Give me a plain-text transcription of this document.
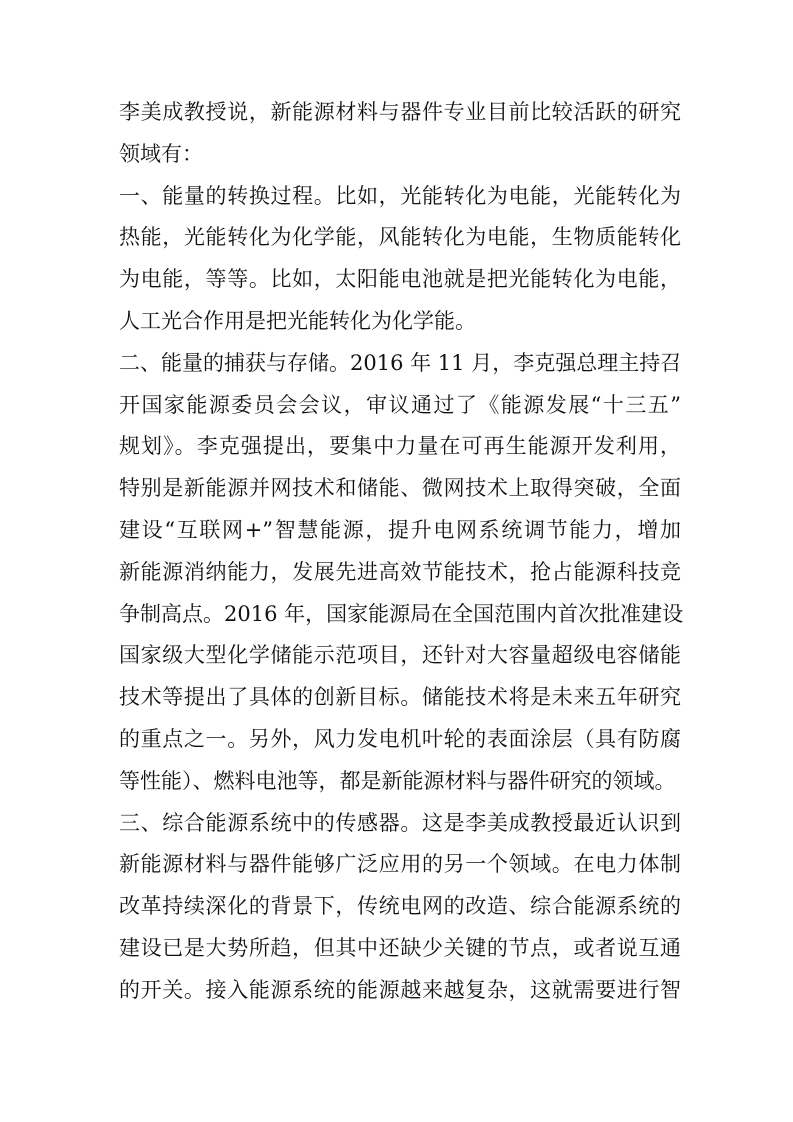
李美成教授说，新能源材料与器件专业目前比较活跃的研究
领域有：
一、能量的转换过程。比如，光能转化为电能，光能转化为
热能，光能转化为化学能，风能转化为电能，生物质能转化
为电能，等等。比如，太阳能电池就是把光能转化为电能，
人工光合作用是把光能转化为化学能。
二、能量的捕获与存储。2016 年 11 月，李克强总理主持召
开国家能源委员会会议，审议通过了《能源发展“十三五”
规划》。李克强提出，要集中力量在可再生能源开发利用，
特别是新能源并网技术和储能、微网技术上取得突破，全面
建设“互联网+”智慧能源，提升电网系统调节能力，增加
新能源消纳能力，发展先进高效节能技术，抢占能源科技竞
争制高点。2016 年，国家能源局在全国范围内首次批准建设
国家级大型化学储能示范项目，还针对大容量超级电容储能
技术等提出了具体的创新目标。储能技术将是未来五年研究
的重点之一。另外，风力发电机叶轮的表面涂层（具有防腐
等性能）、燃料电池等，都是新能源材料与器件研究的领域。
三、综合能源系统中的传感器。这是李美成教授最近认识到
新能源材料与器件能够广泛应用的另一个领域。在电力体制
改革持续深化的背景下，传统电网的改造、综合能源系统的
建设已是大势所趋，但其中还缺少关键的节点，或者说互通
的开关。接入能源系统的能源越来越复杂，这就需要进行智
